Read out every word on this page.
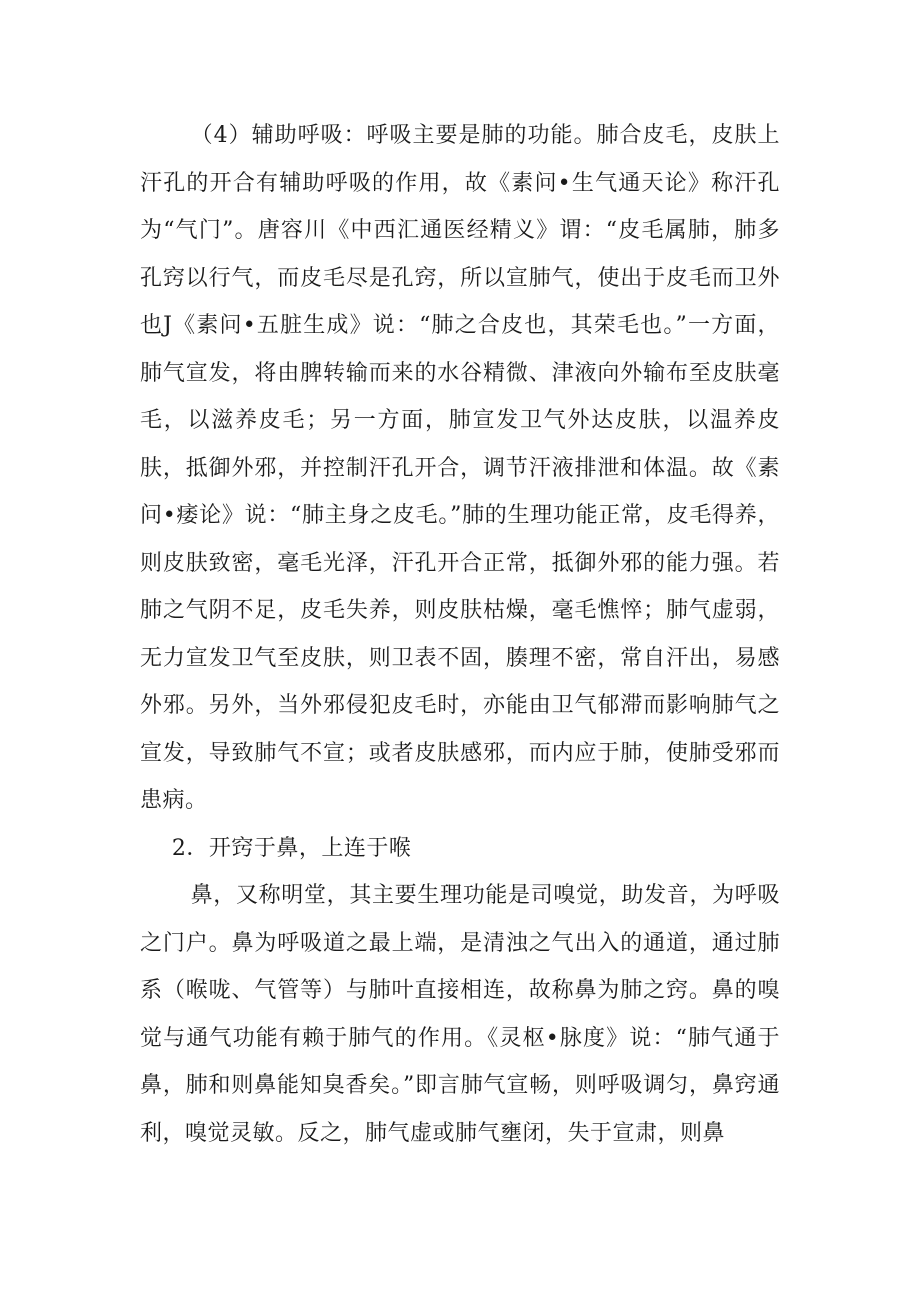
（4）辅助呼吸：呼吸主要是肺的功能。肺合皮毛，皮肤上汗孔的开合有辅助呼吸的作用，故《素问•生气通天论》称汗孔为“气门”。唐容川《中西汇通医经精义》谓：“皮毛属肺，肺多孔窍以行气，而皮毛尽是孔窍，所以宣肺气，使出于皮毛而卫外也J《素问•五脏生成》说：“肺之合皮也，其荣毛也。”一方面，肺气宣发，将由脾转输而来的水谷精微、津液向外输布至皮肤毫毛，以滋养皮毛；另一方面，肺宣发卫气外达皮肤，以温养皮肤，抵御外邪，并控制汗孔开合，调节汗液排泄和体温。故《素问•痿论》说：“肺主身之皮毛。”肺的生理功能正常，皮毛得养，则皮肤致密，毫毛光泽，汗孔开合正常，抵御外邪的能力强。若肺之气阴不足，皮毛失养，则皮肤枯燥，毫毛憔悴；肺气虚弱，无力宣发卫气至皮肤，则卫表不固，腠理不密，常自汗出，易感外邪。另外，当外邪侵犯皮毛时，亦能由卫气郁滞而影响肺气之宣发，导致肺气不宣；或者皮肤感邪，而内应于肺，使肺受邪而患病。

2．开窍于鼻，上连于喉

鼻，又称明堂，其主要生理功能是司嗅觉，助发音，为呼吸之门户。鼻为呼吸道之最上端，是清浊之气出入的通道，通过肺系（喉咙、气管等）与肺叶直接相连，故称鼻为肺之窍。鼻的嗅觉与通气功能有赖于肺气的作用。《灵枢•脉度》说：“肺气通于鼻，肺和则鼻能知臭香矣。”即言肺气宣畅，则呼吸调匀，鼻窍通利，嗅觉灵敏。反之，肺气虚或肺气壅闭，失于宣肃，则鼻
